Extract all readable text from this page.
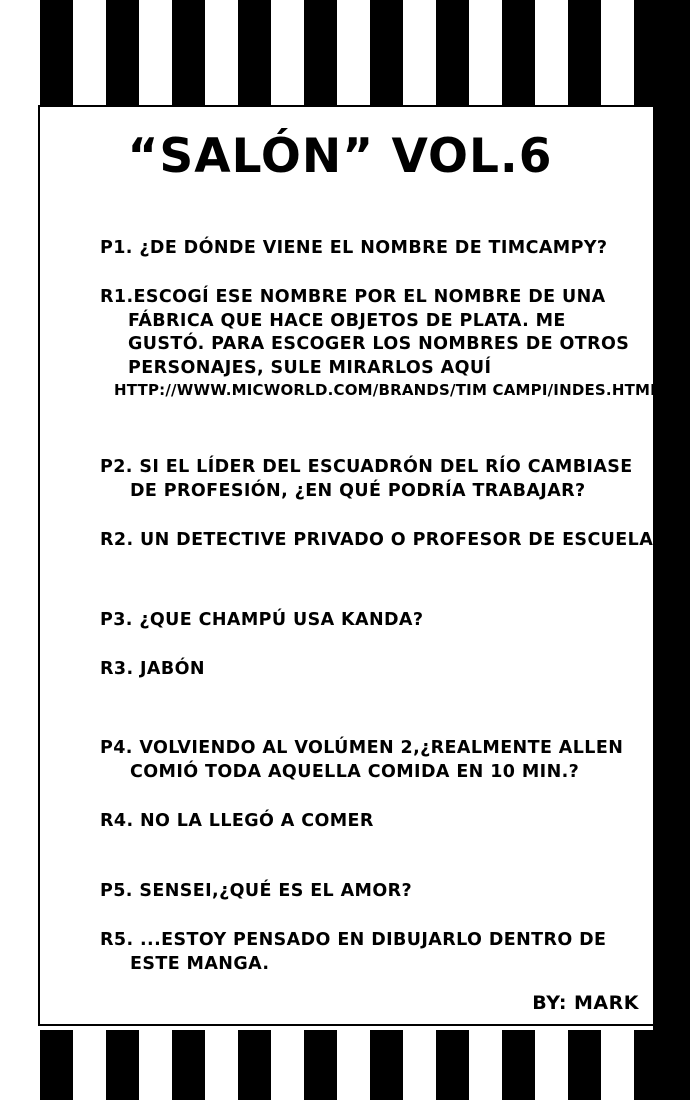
“SALÓN” VOL.6
P1. ¿DE DÓNDE VIENE EL NOMBRE DE TIMCAMPY?
R1.ESCOGÍ ESE NOMBRE POR EL NOMBRE DE UNA
FÁBRICA QUE HACE OBJETOS DE PLATA. ME
GUSTÓ. PARA ESCOGER LOS NOMBRES DE OTROS
PERSONAJES, SULE MIRARLOS AQUÍ
HTTP://WWW.MICWORLD.COM/BRANDS/TIM CAMPI/INDES.HTML)
P2. SI EL LÍDER DEL ESCUADRÓN DEL RÍO CAMBIASE
DE PROFESIÓN, ¿EN QUÉ PODRÍA TRABAJAR?
R2. UN DETECTIVE PRIVADO O PROFESOR DE ESCUELA
P3. ¿QUE CHAMPÚ USA KANDA?
R3. JABÓN
P4. VOLVIENDO AL VOLÚMEN 2,¿REALMENTE ALLEN
COMIÓ TODA AQUELLA COMIDA EN 10 MIN.?
R4. NO LA LLEGÓ A COMER
P5. SENSEI,¿QUÉ ES EL AMOR?
R5. ...ESTOY PENSADO EN DIBUJARLO DENTRO DE
ESTE MANGA.
BY: MARK
